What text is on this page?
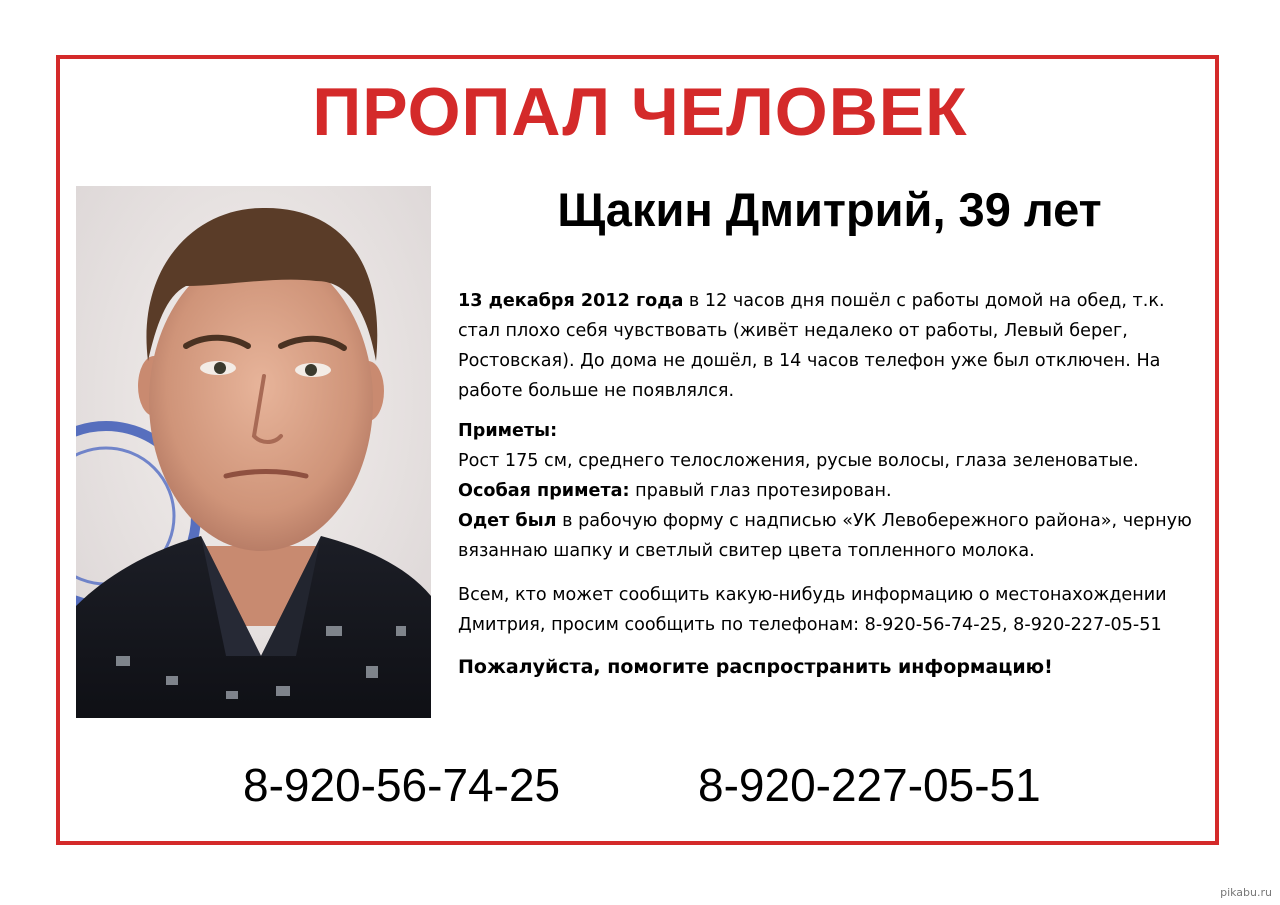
ПРОПАЛ ЧЕЛОВЕК
Щакин Дмитрий, 39 лет

13 декабря 2012 года в 12 часов дня пошёл с работы домой на обед, т.к. стал плохо себя чувствовать (живёт недалеко от работы, Левый берег, Ростовская). До дома не дошёл, в 14 часов телефон уже был отключен. На работе больше не появлялся.

Приметы:

Рост 175 см, среднего телосложения, русые волосы, глаза зеленоватые.

Особая примета: правый глаз протезирован.

Одет был в рабочую форму с надписью «УК Левобережного района», черную вязаннаю шапку и светлый свитер цвета топленного молока.

Всем, кто может сообщить какую-нибудь информацию о местонахождении Дмитрия, просим сообщить по телефонам: 8-920-56-74-25, 8-920-227-05-51

Пожалуйста, помогите распространить информацию!

8-920-56-74-25	8-920-227-05-51
pikabu.ru
